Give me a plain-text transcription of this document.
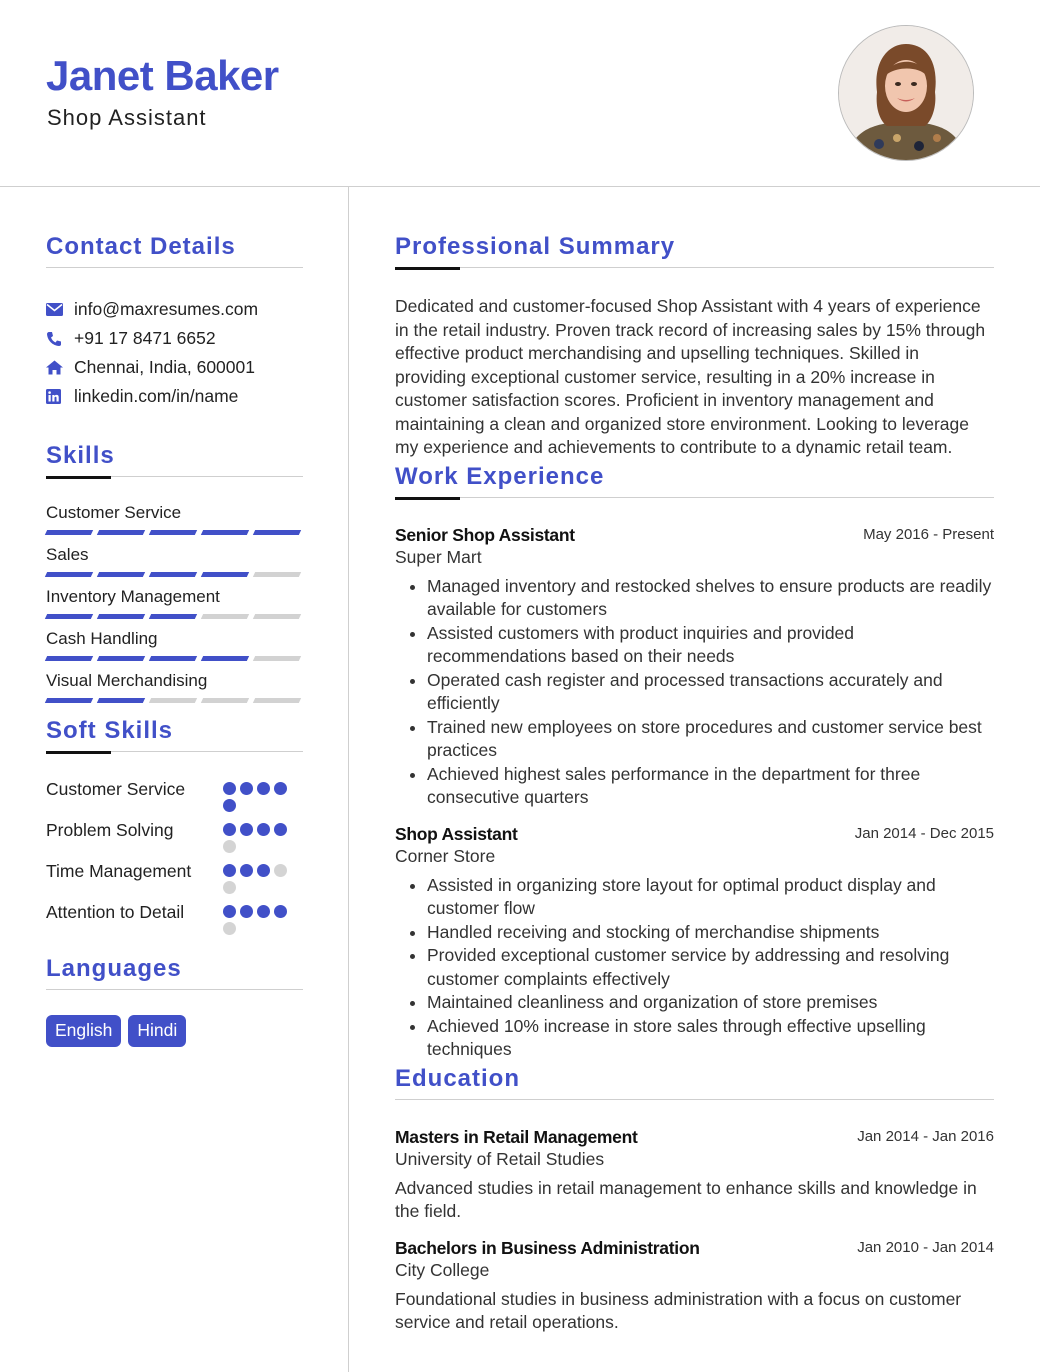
Janet Baker
Shop Assistant
Contact Details
info@maxresumes.com
+91 17 8471 6652
Chennai, India, 600001
linkedin.com/in/name
Skills
Customer Service
Sales
Inventory Management
Cash Handling
Visual Merchandising
Soft Skills
Customer Service
Problem Solving
Time Management
Attention to Detail
Languages
English	Hindi
Professional Summary
Dedicated and customer-focused Shop Assistant with 4 years of experience in the retail industry. Proven track record of increasing sales by 15% through effective product merchandising and upselling techniques. Skilled in providing exceptional customer service, resulting in a 20% increase in customer satisfaction scores. Proficient in inventory management and maintaining a clean and organized store environment. Looking to leverage my experience and achievements to contribute to a dynamic retail team.
Work Experience
Senior Shop Assistant	May 2016 - Present
Super Mart
• Managed inventory and restocked shelves to ensure products are readily available for customers
• Assisted customers with product inquiries and provided recommendations based on their needs
• Operated cash register and processed transactions accurately and efficiently
• Trained new employees on store procedures and customer service best practices
• Achieved highest sales performance in the department for three consecutive quarters
Shop Assistant	Jan 2014 - Dec 2015
Corner Store
• Assisted in organizing store layout for optimal product display and customer flow
• Handled receiving and stocking of merchandise shipments
• Provided exceptional customer service by addressing and resolving customer complaints effectively
• Maintained cleanliness and organization of store premises
• Achieved 10% increase in store sales through effective upselling techniques
Education
Masters in Retail Management	Jan 2014 - Jan 2016
University of Retail Studies
Advanced studies in retail management to enhance skills and knowledge in the field.
Bachelors in Business Administration	Jan 2010 - Jan 2014
City College
Foundational studies in business administration with a focus on customer service and retail operations.
